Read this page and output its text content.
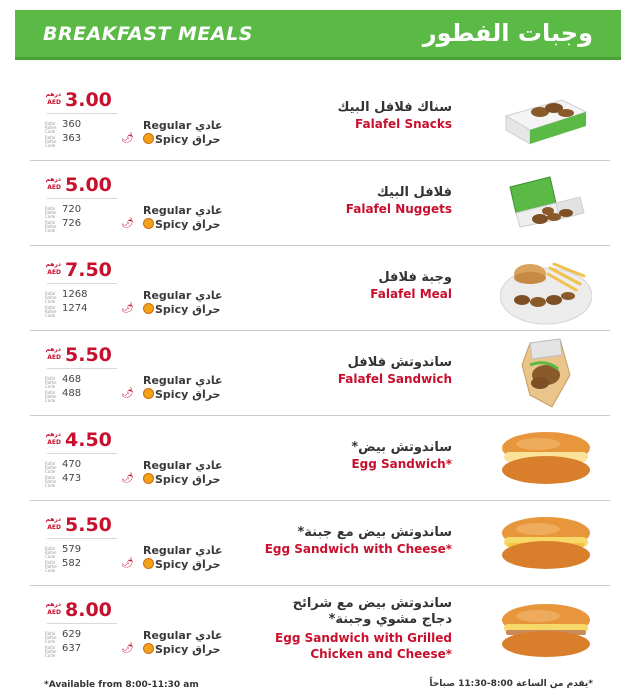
BREAKFAST MEALS	وجبات الفطور
درهم
AED 3.00
Rafal Rafee Code
360
Rafal Rafee Code
363	🌶
Regular عادي
Spicy حراق
سناك فلافل البيك
Falafel Snacks
درهم
AED 5.00
Rafal Rafee Code
720
Rafal Rafee Code
726	🌶
Regular عادي
Spicy حراق
فلافل البيك
Falafel Nuggets
درهم
AED 7.50
Rafal Rafee Code
1268
Rafal Rafee Code
1274	🌶
Regular عادي
Spicy حراق
وجبة فلافل
Falafel Meal
درهم
AED 5.50
Rafal Rafee Code
468
Rafal Rafee Code
488	🌶
Regular عادي
Spicy حراق
ساندوتش فلافل
Falafel Sandwich
درهم
AED 4.50
Rafal Rafee Code
470
Rafal Rafee Code
473	🌶
Regular عادي
Spicy حراق
ساندوتش بيض*
Egg Sandwich*
درهم
AED 5.50
Rafal Rafee Code
579
Rafal Rafee Code
582	🌶
Regular عادي
Spicy حراق
ساندوتش بيض مع جبنة*
Egg Sandwich with Cheese*
درهم
AED 8.00
Rafal Rafee Code
629
Rafal Rafee Code
637	🌶
Regular عادي
Spicy حراق
ساندوتش بيض مع شرائح
دجاج مشوي وجبنة*
Egg Sandwich with Grilled
Chicken and Cheese*
*Available from 8:00-11:30 am	*يقدم من الساعة 8:00-11:30 صباحاً
